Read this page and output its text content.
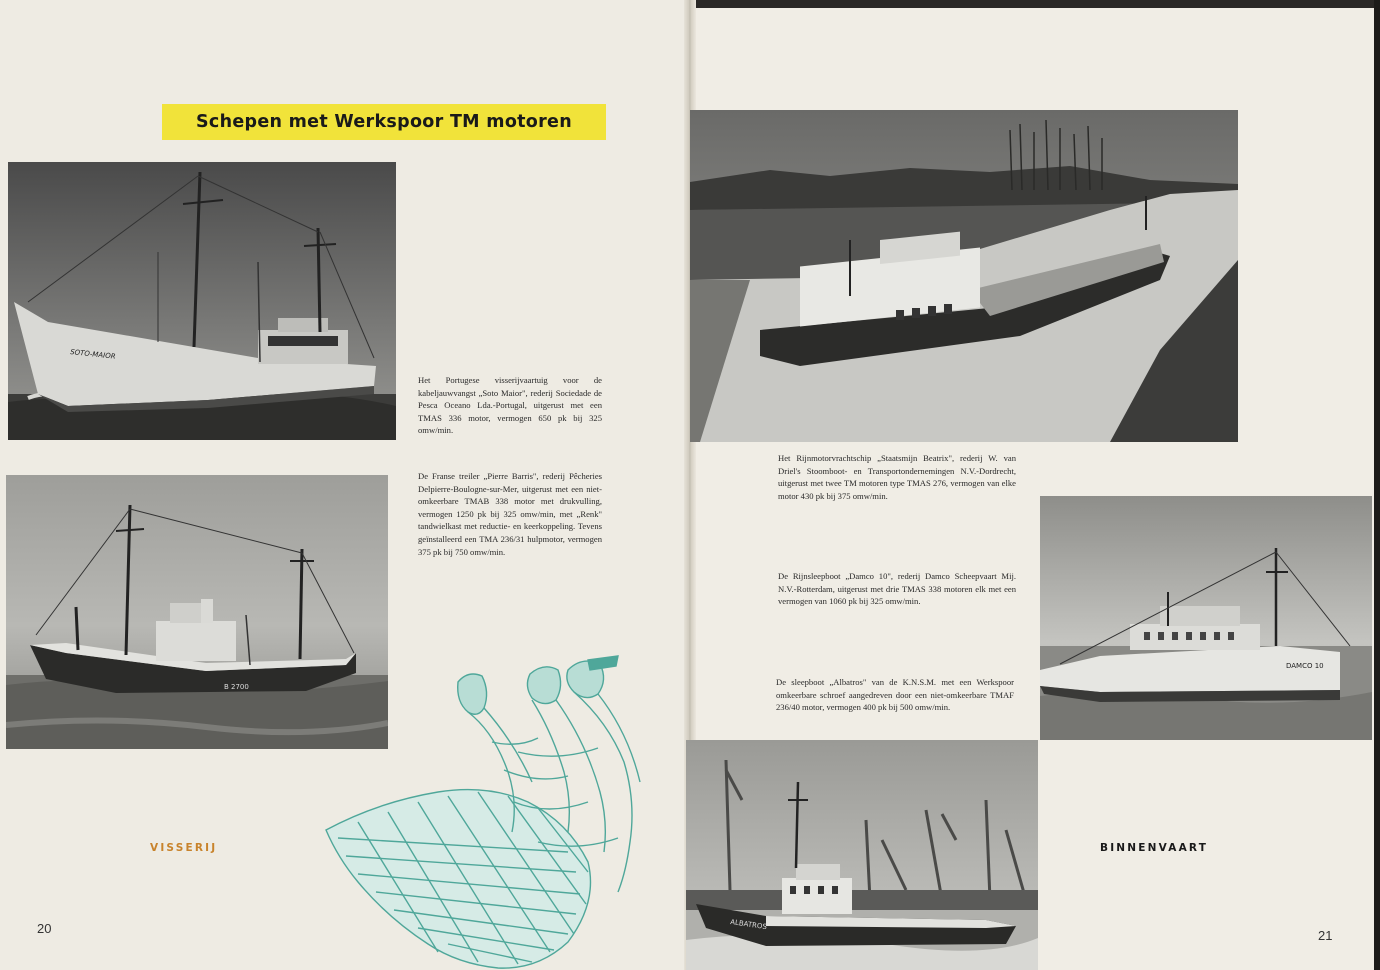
Schepen met Werkspoor TM motoren
SOTO-MAIOR
B 2700

Het Portugese visserijvaartuig voor de kabeljauwvangst „Soto Maior", rederij Sociedade de Pesca Oceano Lda.-Portugal, uitgerust met een TMAS 336 motor, vermogen 650 pk bij 325 omw/min.

De Franse treiler „Pierre Barris", rederij Pêcheries Delpierre-Boulogne-sur-Mer, uitgerust met een niet-omkeerbare TMAB 338 motor met drukvulling, vermogen 1250 pk bij 325 omw/min, met „Renk" tandwielkast met reductie- en keerkoppeling. Tevens geïnstalleerd een TMA 236/31 hulpmotor, vermogen 375 pk bij 750 omw/min.

VISSERIJ
20

Het Rijnmotorvrachtschip „Staatsmijn Beatrix", rederij W. van Driel's Stoomboot- en Transportondernemingen N.V.-Dordrecht, uitgerust met twee TM motoren type TMAS 276, vermogen van elke motor 430 pk bij 375 omw/min.

De Rijnsleepboot „Damco 10", rederij Damco Scheepvaart Mij. N.V.-Rotterdam, uitgerust met drie TMAS 338 motoren elk met een vermogen van 1060 pk bij 325 omw/min.

De sleepboot „Albatros" van de K.N.S.M. met een Werkspoor omkeerbare schroef aangedreven door een niet-omkeerbare TMAF 236/40 motor, vermogen 400 pk bij 500 omw/min.

DAMCO 10
ALBATROS
BINNENVAART
21
